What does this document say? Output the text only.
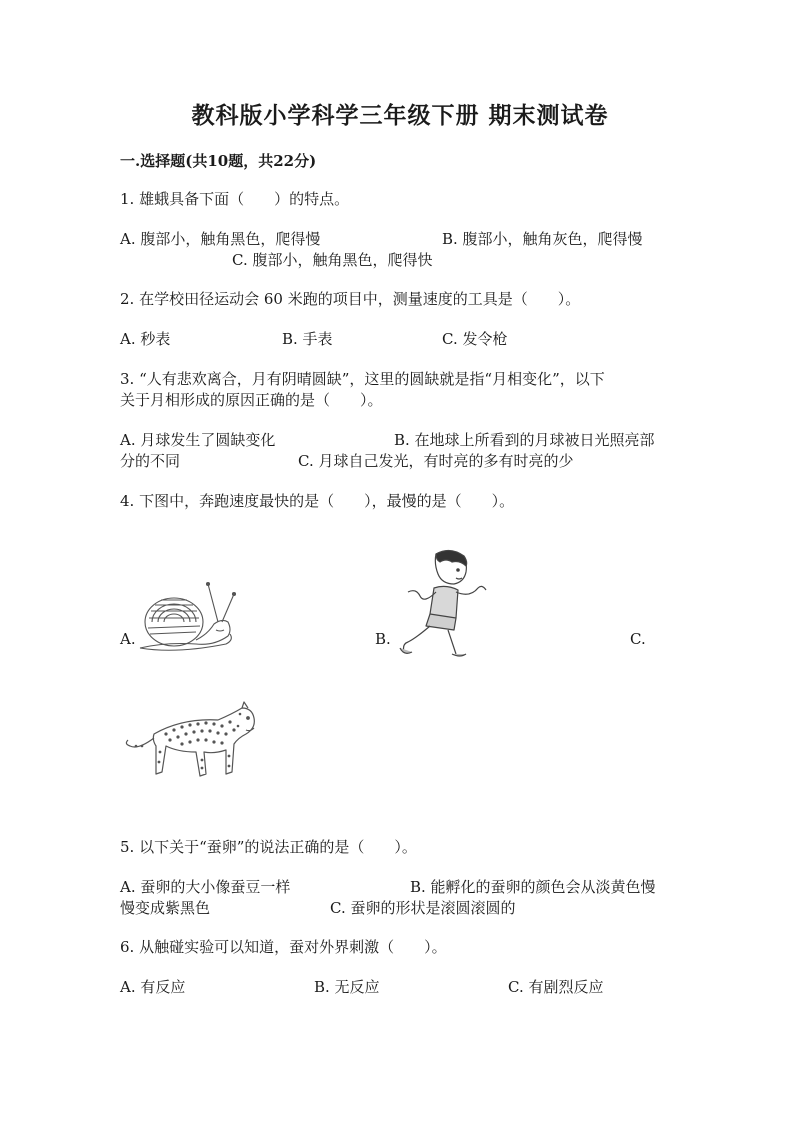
教科版小学科学三年级下册 期末测试卷
一.选择题(共10题，共22分)
1. 雄蛾具备下面（　　）的特点。
A. 腹部小，触角黑色，爬得慢	B. 腹部小，触角灰色，爬得慢
C. 腹部小，触角黑色，爬得快
2. 在学校田径运动会 60 米跑的项目中，测量速度的工具是（　　）。
A. 秒表	B. 手表	C. 发令枪
3. “人有悲欢离合，月有阴晴圆缺”，这里的圆缺就是指“月相变化”，以下
关于月相形成的原因正确的是（　　）。
A. 月球发生了圆缺变化	B. 在地球上所看到的月球被日光照亮部
分的不同	C. 月球自己发光，有时亮的多有时亮的少
4. 下图中，奔跑速度最快的是（　　），最慢的是（　　）。
A.	B.	C.
5. 以下关于“蚕卵”的说法正确的是（　　）。
A. 蚕卵的大小像蚕豆一样	B. 能孵化的蚕卵的颜色会从淡黄色慢
慢变成紫黑色	C. 蚕卵的形状是滚圆滚圆的
6. 从触碰实验可以知道，蚕对外界刺激（　　）。
A. 有反应	B. 无反应	C. 有剧烈反应
